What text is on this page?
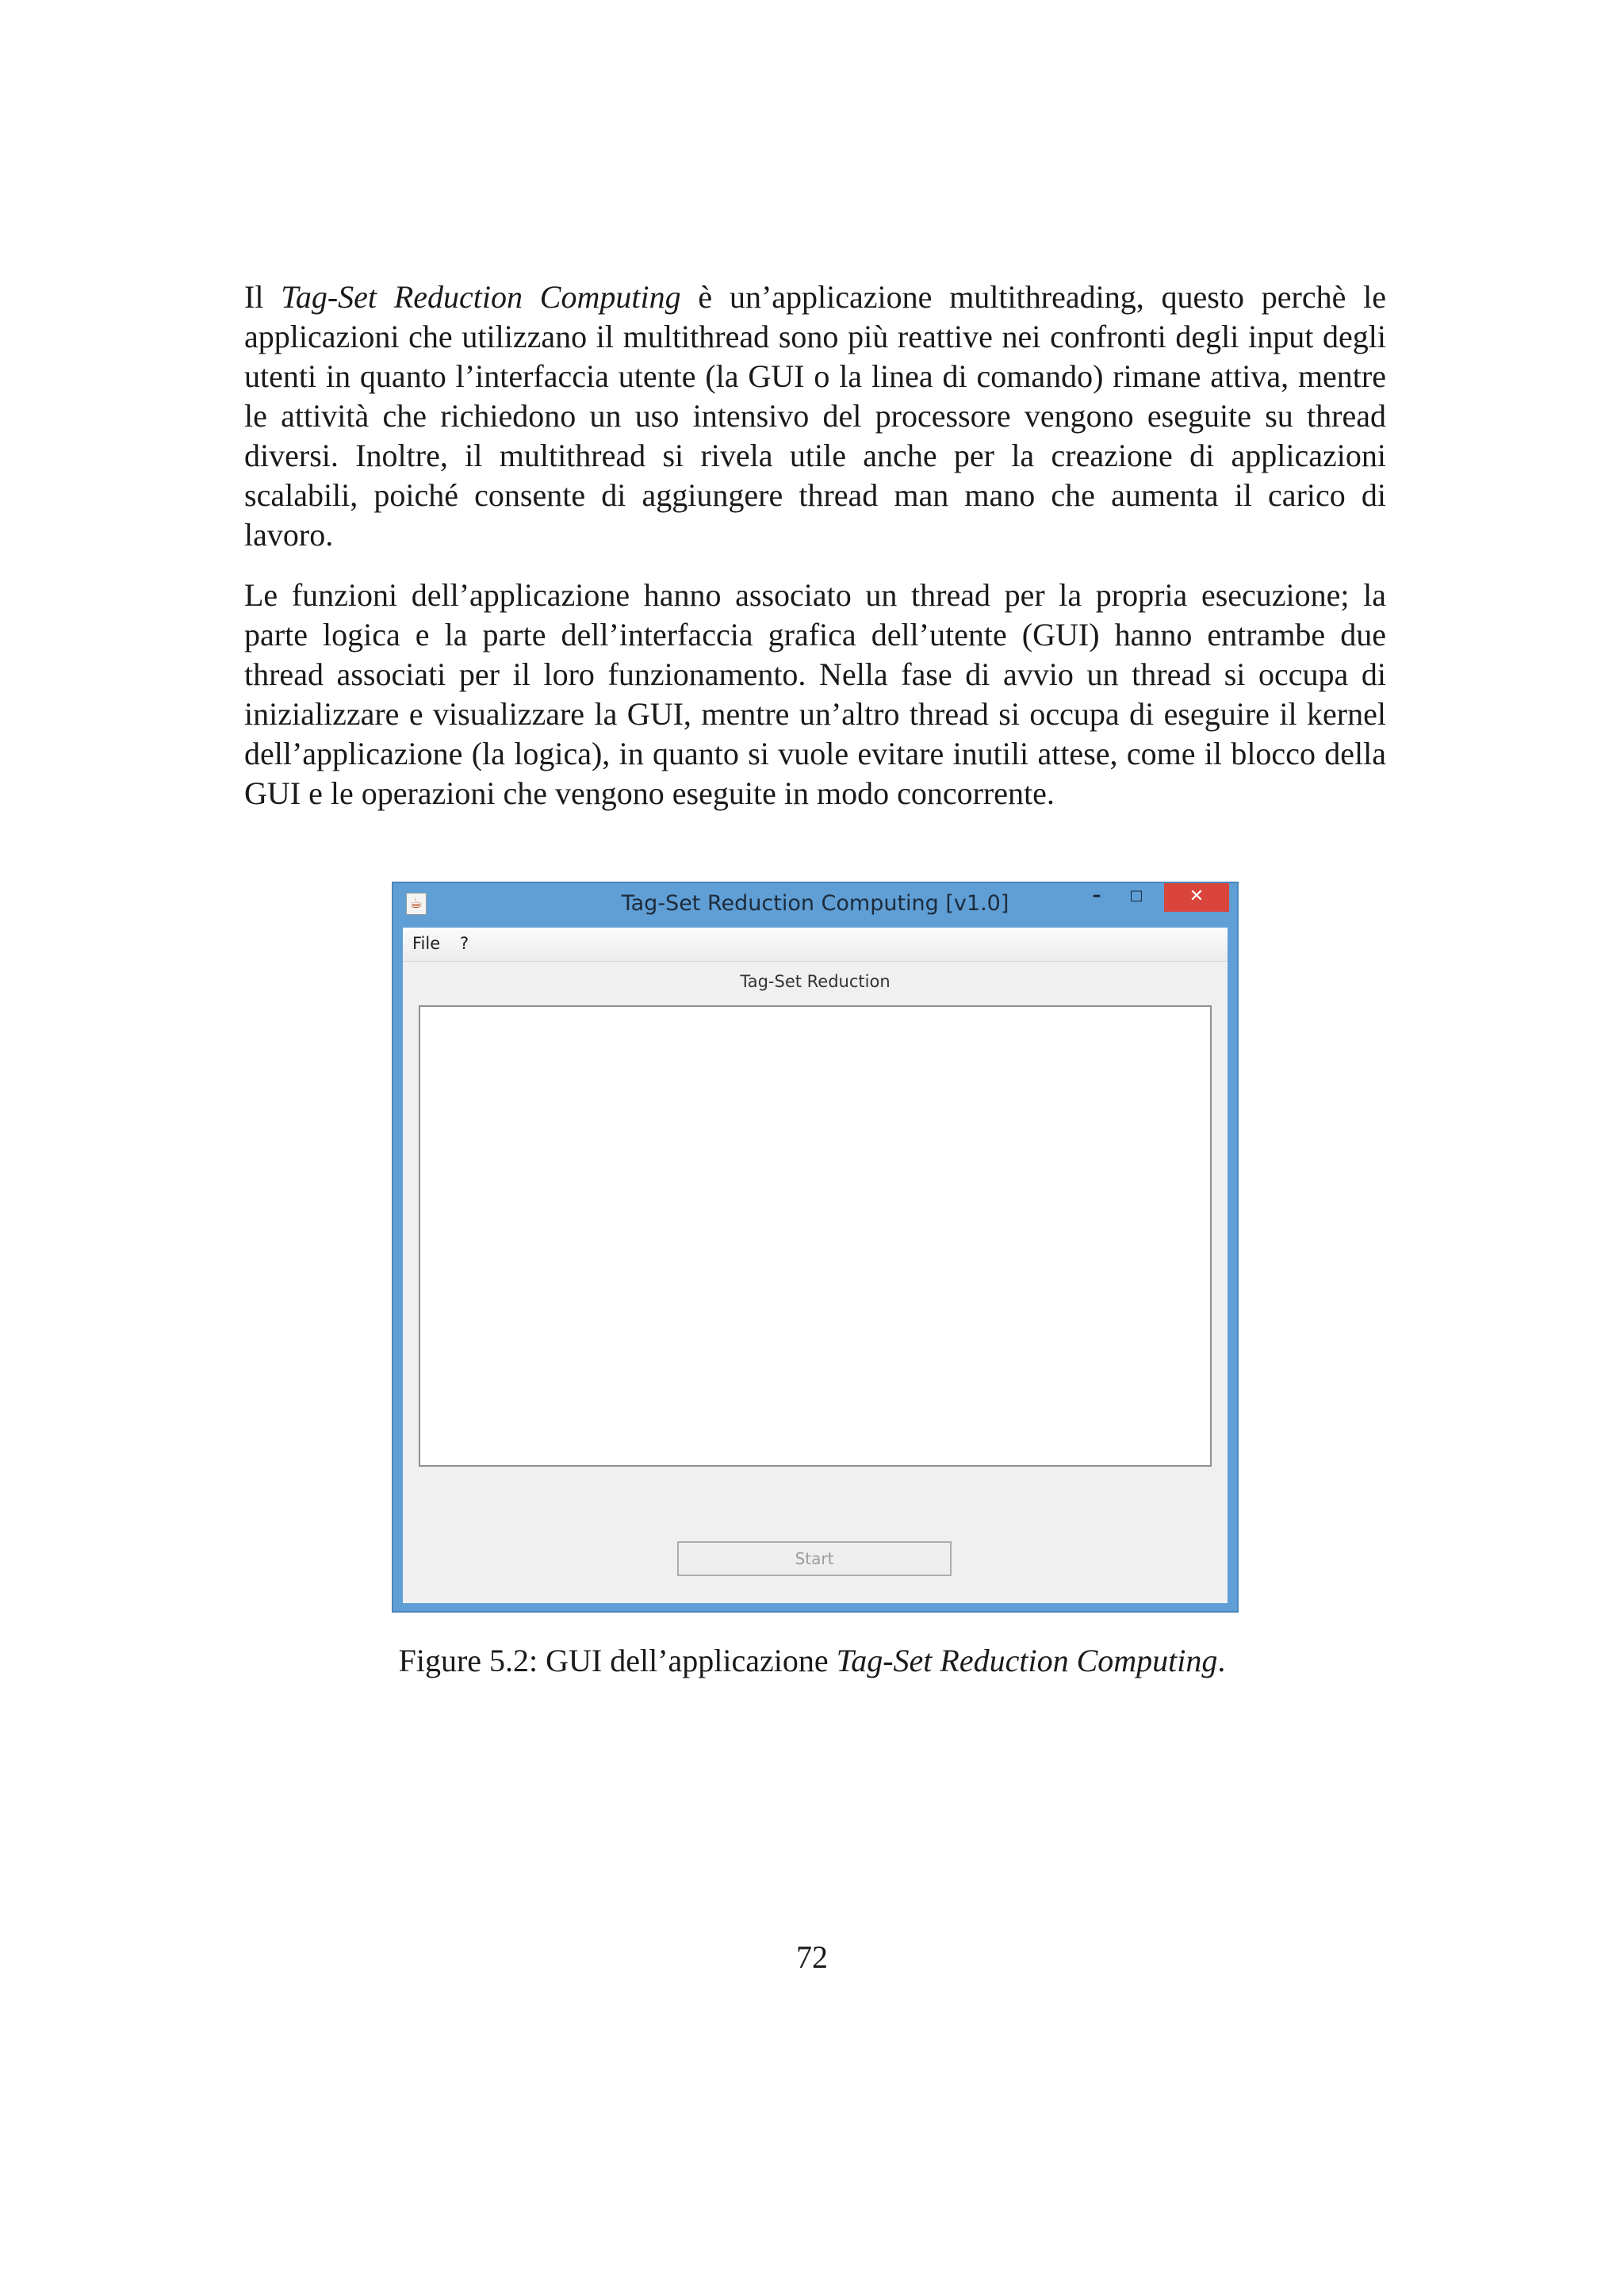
Il Tag-Set Reduction Computing è un’applicazione multithreading, questo perchè le applicazioni che utilizzano il multithread sono più reattive nei confronti degli input degli utenti in quanto l’interfaccia utente (la GUI o la linea di comando) rimane attiva, mentre le attività che richiedono un uso intensivo del processore vengono eseguite su thread diversi. Inoltre, il multithread si rivela utile anche per la creazione di applicazioni scalabili, poiché consente di aggiungere thread man mano che aumenta il carico di lavoro.

Le funzioni dell’applicazione hanno associato un thread per la propria esecuzione; la parte logica e la parte dell’interfaccia grafica dell’utente (GUI) hanno entrambe due thread associati per il loro funzionamento. Nella fase di avvio un thread si occupa di inizializzare e visualizzare la GUI, mentre un’altro thread si occupa di eseguire il kernel dell’applicazione (la logica), in quanto si vuole evitare inutili attese, come il blocco della GUI e le operazioni che vengono eseguite in modo concorrente.

☕	Tag-Set Reduction Computing [v1.0]	–	□	✕
File ?
Tag-Set Reduction
Start
Figure 5.2: GUI dell’applicazione Tag-Set Reduction Computing.
72
